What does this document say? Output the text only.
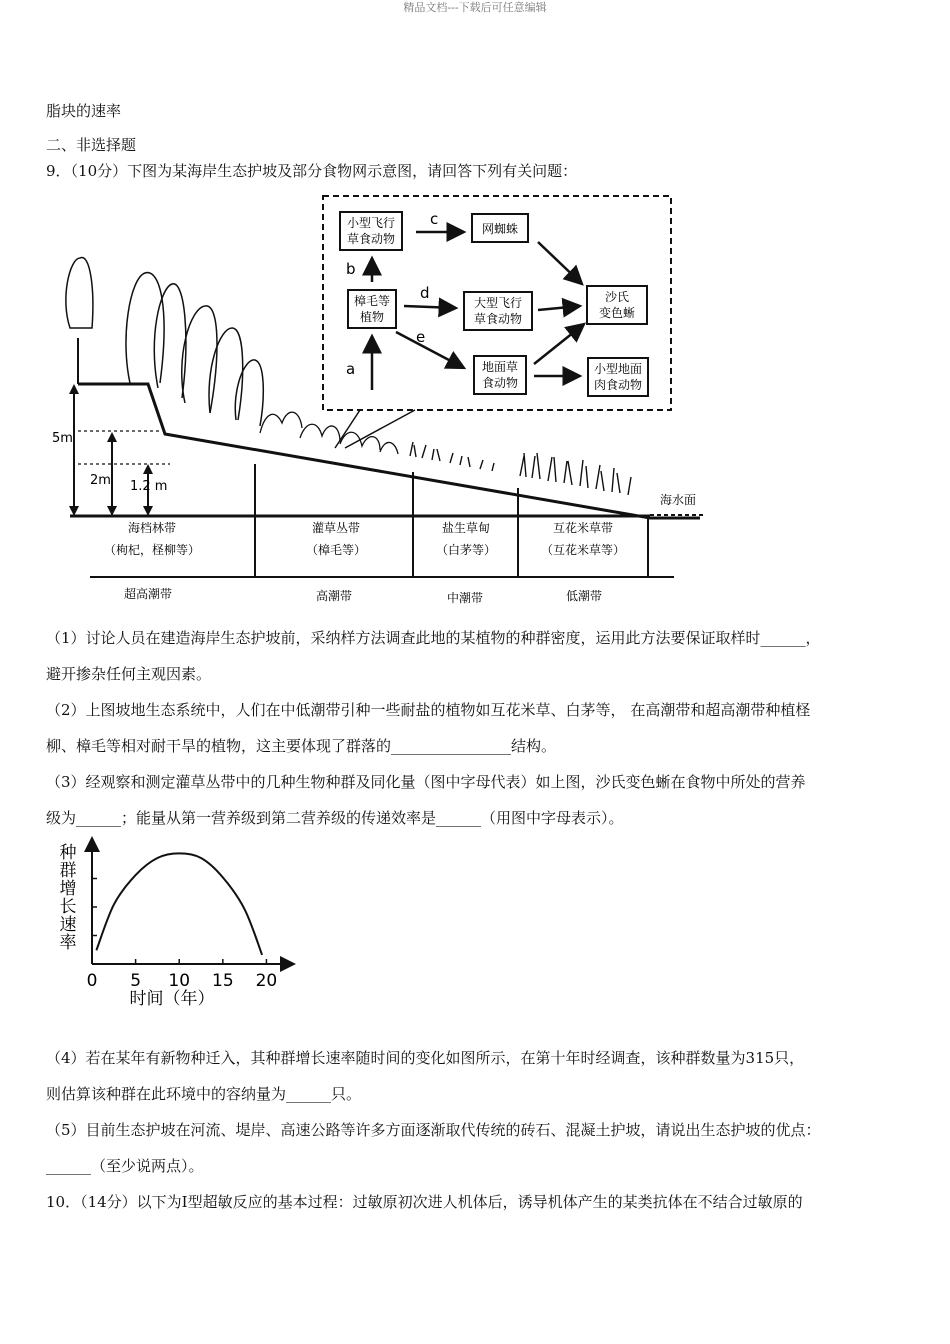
精品文档---下载后可任意编辑
脂块的速率
二、非选择题
9．（10分）下图为某海岸生态护坡及部分食物网示意图，请回答下列有关问题：
小型飞行
草食动物
网蜘蛛
樟毛等
植物
大型飞行
草食动物
沙氏
变色蜥
地面草
食动物
小型地面
肉食动物
c
b
d
e
a
海水面
5m
2m 1.2 m
海档林带
（枸杞，柽柳等）
超高潮带
灌草丛带
（樟毛等）
高潮带
盐生草甸
（白茅等）
中潮带
互花米草带
（互花米草等）
低潮带

（1）讨论人员在建造海岸生态护坡前，采纳样方法调查此地的某植物的种群密度，运用此方法要保证取样时______，

避开掺杂任何主观因素。

（2）上图坡地生态系统中，人们在中低潮带引种一些耐盐的植物如互花米草、白茅等， 在高潮带和超高潮带种植柽

柳、樟毛等相对耐干旱的植物，这主要体现了群落的________________结构。

（3）经观察和测定灌草丛带中的几种生物种群及同化量（图中字母代表）如上图，沙氏变色蜥在食物中所处的营养

级为______；能量从第一营养级到第二营养级的传递效率是______（用图中字母表示）。

种群增长速率
0 5 10 15 20
时间（年）

（4）若在某年有新物种迁入，其种群增长速率随时间的变化如图所示，在第十年时经调查，该种群数量为315只，

则估算该种群在此环境中的容纳量为______只。

（5）目前生态护坡在河流、堤岸、高速公路等许多方面逐渐取代传统的砖石、混凝土护坡，请说出生态护坡的优点：

______（至少说两点）。

10．（14分）以下为I型超敏反应的基本过程：过敏原初次进人机体后，诱导机体产生的某类抗体在不结合过敏原的
